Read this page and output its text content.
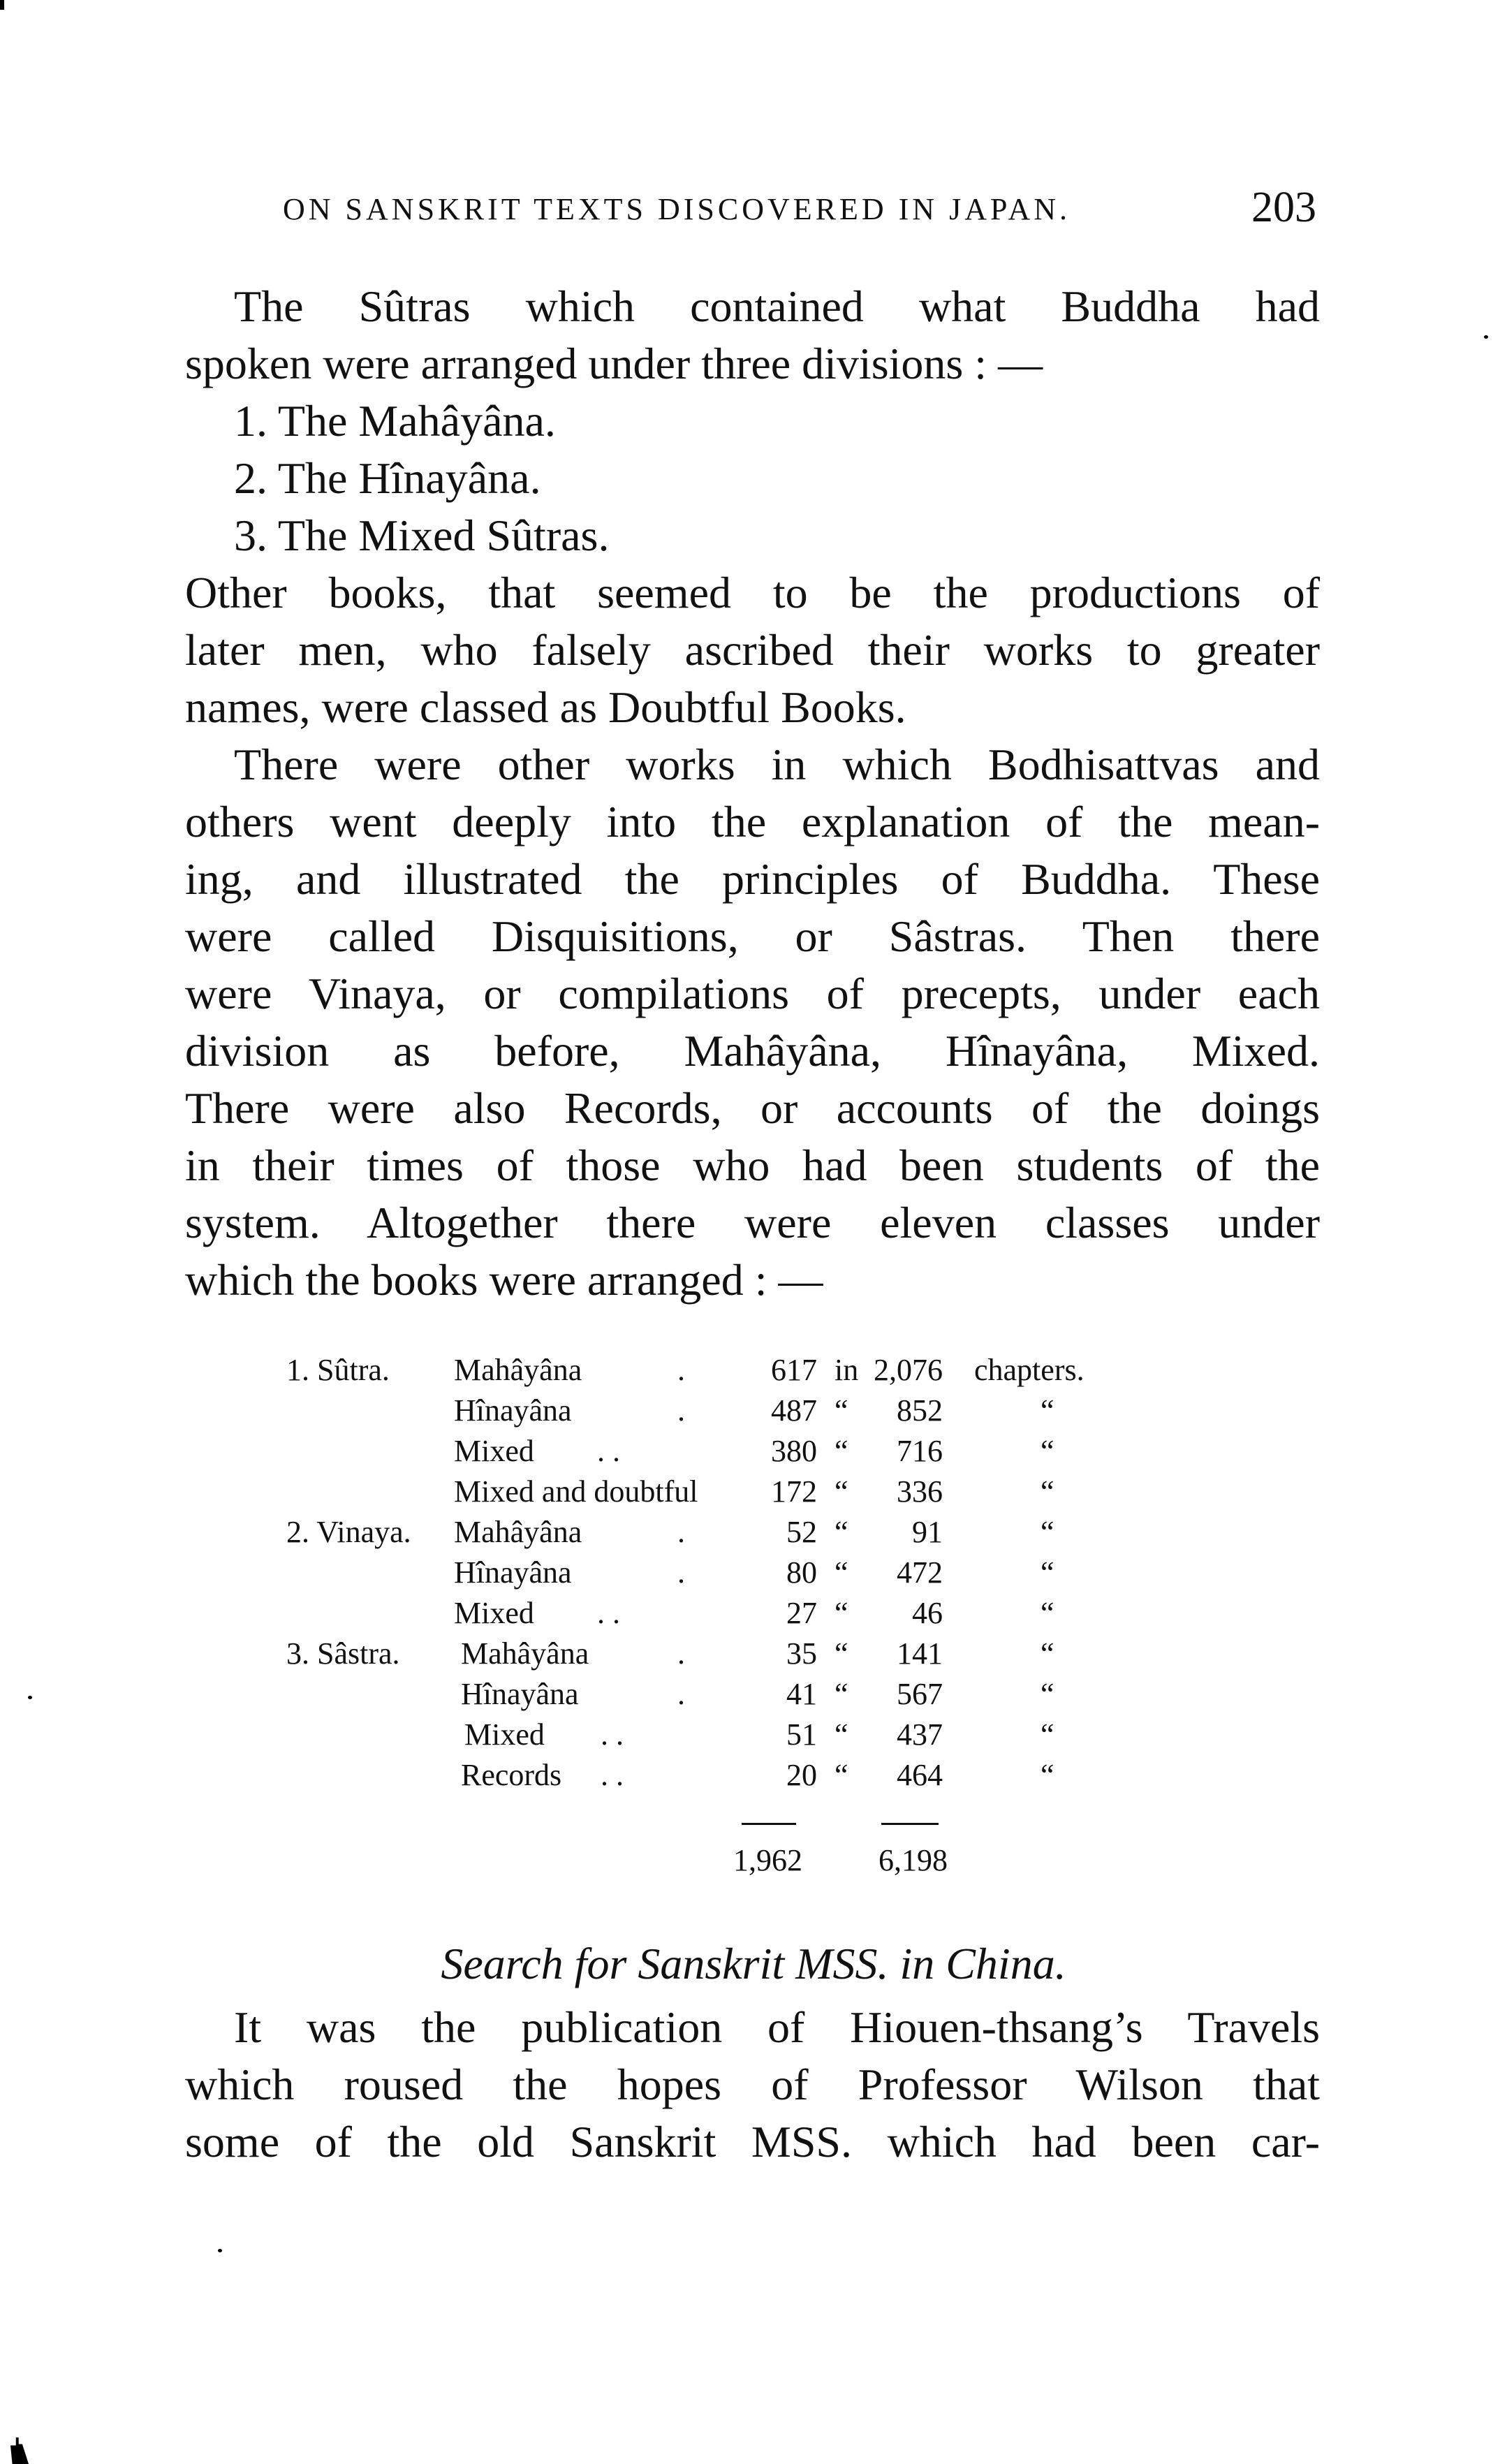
ON SANSKRIT TEXTS DISCOVERED IN JAPAN.	203
The Sûtras which contained what Buddha had
spoken were arranged under three divisions : —
1. The Mahâyâna.
2. The Hînayâna.
3. The Mixed Sûtras.
Other books, that seemed to be the productions of
later men, who falsely ascribed their works to greater
names, were classed as Doubtful Books.
There were other works in which Bodhisattvas and
others went deeply into the explanation of the mean-
ing, and illustrated the principles of Buddha. These
were called Disquisitions, or Sâstras. Then there
were Vinaya, or compilations of precepts, under each
division as before, Mahâyâna, Hînayâna, Mixed.
There were also Records, or accounts of the doings
in their times of those who had been students of the
system. Altogether there were eleven classes under
which the books were arranged : —
1. Sûtra. Mahâyâna	.	617 in 2,076 chapters.
Hînayâna	.	487 “ 852	“
Mixed . .	380 “ 716	“
Mixed and doubtful 172 “ 336	“
2. Vinaya. Mahâyâna	.	52 “ 91	“
Hînayâna	.	80 “ 472	“
Mixed . .	27 “ 46	“
3. Sâstra. Mahâyâna	.	35 “ 141	“
Hînayâna	.	41 “ 567	“
Mixed . .	51 “ 437	“
Records . .	20 “ 464	“
1,962 6,198
Search for Sanskrit MSS. in China.
It was the publication of Hiouen-thsang’s Travels
which roused the hopes of Professor Wilson that
some of the old Sanskrit MSS. which had been car-
